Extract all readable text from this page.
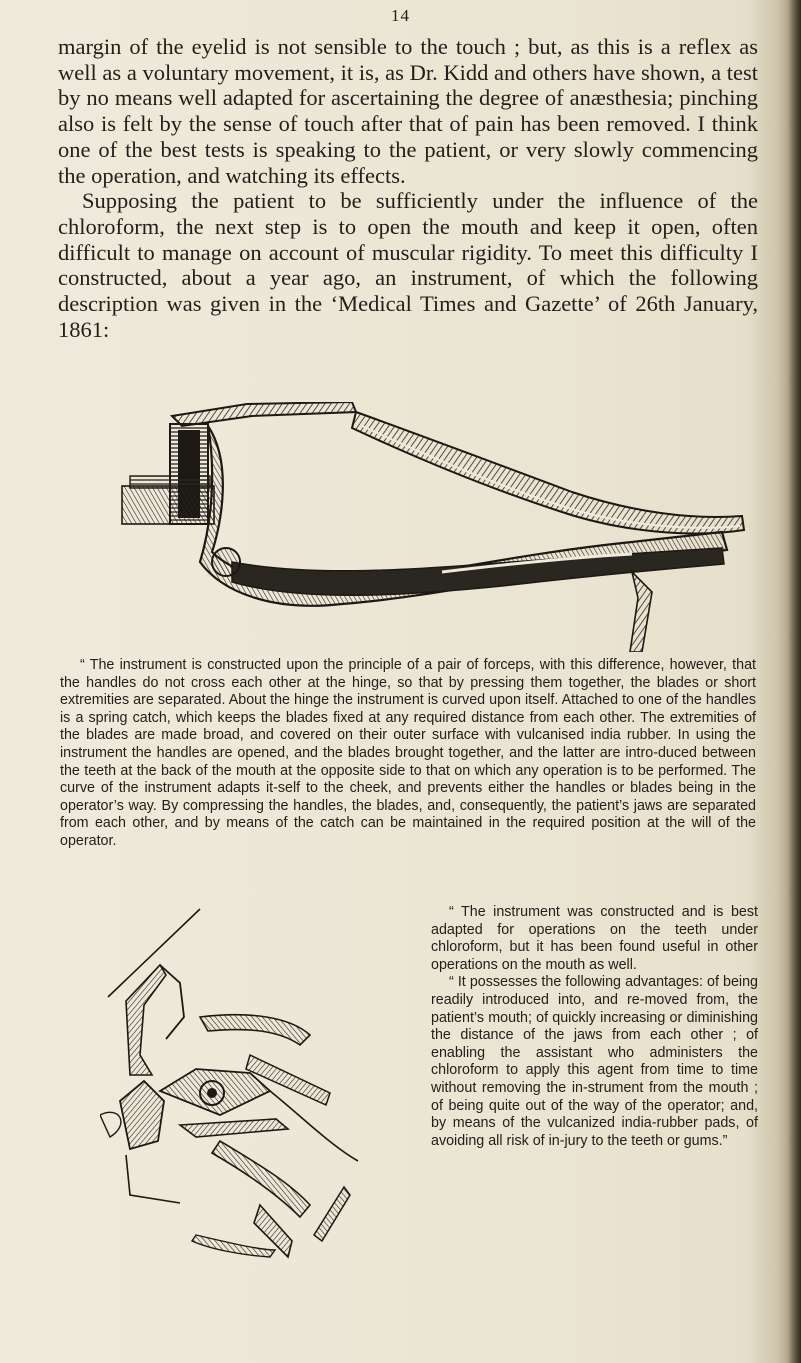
14

margin of the eyelid is not sensible to the touch ; but, as this is a reflex as well as a voluntary movement, it is, as Dr. Kidd and others have shown, a test by no means well adapted for ascertaining the degree of anæsthesia; pinching also is felt by the sense of touch after that of pain has been removed. I think one of the best tests is speaking to the patient, or very slowly commencing the operation, and watching its effects.

Supposing the patient to be sufficiently under the influence of the chloroform, the next step is to open the mouth and keep it open, often difficult to manage on account of muscular rigidity. To meet this difficulty I constructed, about a year ago, an instrument, of which the following description was given in the ‘Medical Times and Gazette’ of 26th January, 1861:

“ The instrument is constructed upon the principle of a pair of forceps, with this difference, however, that the handles do not cross each other at the hinge, so that by pressing them together, the blades or short extremities are separated. About the hinge the instrument is curved upon itself. Attached to one of the handles is a spring catch, which keeps the blades fixed at any required distance from each other. The extremities of the blades are made broad, and covered on their outer surface with vulcanised india rubber. In using the instrument the handles are opened, and the blades brought together, and the latter are intro-duced between the teeth at the back of the mouth at the opposite side to that on which any operation is to be performed. The curve of the instrument adapts it-self to the cheek, and prevents either the handles or blades being in the operator’s way. By compressing the handles, the blades, and, consequently, the patient’s jaws are separated from each other, and by means of the catch can be maintained in the required position at the will of the operator.

“ The instrument was constructed and is best adapted for operations on the teeth under chloroform, but it has been found useful in other operations on the mouth as well.

“ It possesses the following advantages: of being readily introduced into, and re-moved from, the patient’s mouth; of quickly increasing or diminishing the distance of the jaws from each other ; of enabling the assistant who administers the chloroform to apply this agent from time to time without removing the in-strument from the mouth ; of being quite out of the way of the operator; and, by means of the vulcanized india-rubber pads, of avoiding all risk of in-jury to the teeth or gums.”
